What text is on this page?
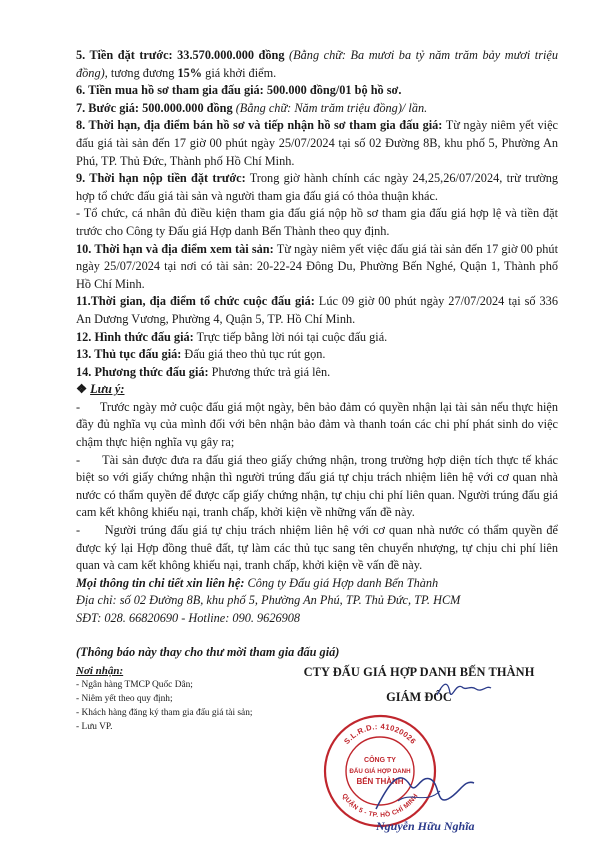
5. Tiền đặt trước: 33.570.000.000 đồng (Bằng chữ: Ba mươi ba tỷ năm trăm bảy mươi triệu đồng), tương đương 15% giá khởi điểm.

6. Tiền mua hồ sơ tham gia đấu giá: 500.000 đồng/01 bộ hồ sơ.

7. Bước giá: 500.000.000 đồng (Bằng chữ: Năm trăm triệu đồng)/ lần.

8. Thời hạn, địa điểm bán hồ sơ và tiếp nhận hồ sơ tham gia đấu giá: Từ ngày niêm yết việc đấu giá tài sản đến 17 giờ 00 phút ngày 25/07/2024 tại số 02 Đường 8B, khu phố 5, Phường An Phú, TP. Thủ Đức, Thành phố Hồ Chí Minh.

9. Thời hạn nộp tiền đặt trước: Trong giờ hành chính các ngày 24,25,26/07/2024, trừ trường hợp tổ chức đấu giá tài sản và người tham gia đấu giá có thỏa thuận khác.

- Tổ chức, cá nhân đủ điều kiện tham gia đấu giá nộp hồ sơ tham gia đấu giá hợp lệ và tiền đặt trước cho Công ty Đấu giá Hợp danh Bến Thành theo quy định.

10. Thời hạn và địa điểm xem tài sản: Từ ngày niêm yết việc đấu giá tài sản đến 17 giờ 00 phút ngày 25/07/2024 tại nơi có tài sản: 20-22-24 Đông Du, Phường Bến Nghé, Quận 1, Thành phố Hồ Chí Minh.

11.Thời gian, địa điểm tổ chức cuộc đấu giá: Lúc 09 giờ 00 phút ngày 27/07/2024 tại số 336 An Dương Vương, Phường 4, Quận 5, TP. Hồ Chí Minh.

12. Hình thức đấu giá: Trực tiếp bằng lời nói tại cuộc đấu giá.

13. Thủ tục đấu giá: Đấu giá theo thủ tục rút gọn.

14. Phương thức đấu giá: Phương thức trả giá lên.

❖ Lưu ý:

-      Trước ngày mở cuộc đấu giá một ngày, bên bảo đảm có quyền nhận lại tài sản nếu thực hiện đầy đủ nghĩa vụ của mình đối với bên nhận bảo đảm và thanh toán các chi phí phát sinh do việc chậm thực hiện nghĩa vụ gây ra;

-      Tài sản được đưa ra đấu giá theo giấy chứng nhận, trong trường hợp diện tích thực tế khác biệt so với giấy chứng nhận thì người trúng đấu giá tự chịu trách nhiệm liên hệ với cơ quan nhà nước có thẩm quyền để được cấp giấy chứng nhận, tự chịu chi phí liên quan. Người trúng đấu giá cam kết không khiếu nại, tranh chấp, khởi kiện về những vấn đề này.

-      Người trúng đấu giá tự chịu trách nhiệm liên hệ với cơ quan nhà nước có thẩm quyền để được ký lại Hợp đồng thuê đất, tự làm các thủ tục sang tên chuyển nhượng, tự chịu chi phí liên quan và cam kết không khiếu nại, tranh chấp, khởi kiện về vấn đề này.

Mọi thông tin chi tiết xin liên hệ: Công ty Đấu giá Hợp danh Bến Thành

Địa chỉ: số 02 Đường 8B, khu phố 5, Phường An Phú, TP. Thủ Đức, TP. HCM

SĐT: 028. 66820690 - Hotline: 090. 9626908

(Thông báo này thay cho thư mời tham gia đấu giá)

Nơi nhận:
- Ngân hàng TMCP Quốc Dân;
- Niêm yết theo quy định;
- Khách hàng đăng ký tham gia đấu giá tài sản;
- Lưu VP.
CTY ĐẤU GIÁ HỢP DANH BẾN THÀNH
GIÁM ĐỐC
S.L.R.D.: 41020026
QUẬN 5 - TP. HỒ CHÍ MINH
CÔNG TY
ĐẤU GIÁ HỢP DANH
BẾN THÀNH
Nguyễn Hữu Nghĩa
